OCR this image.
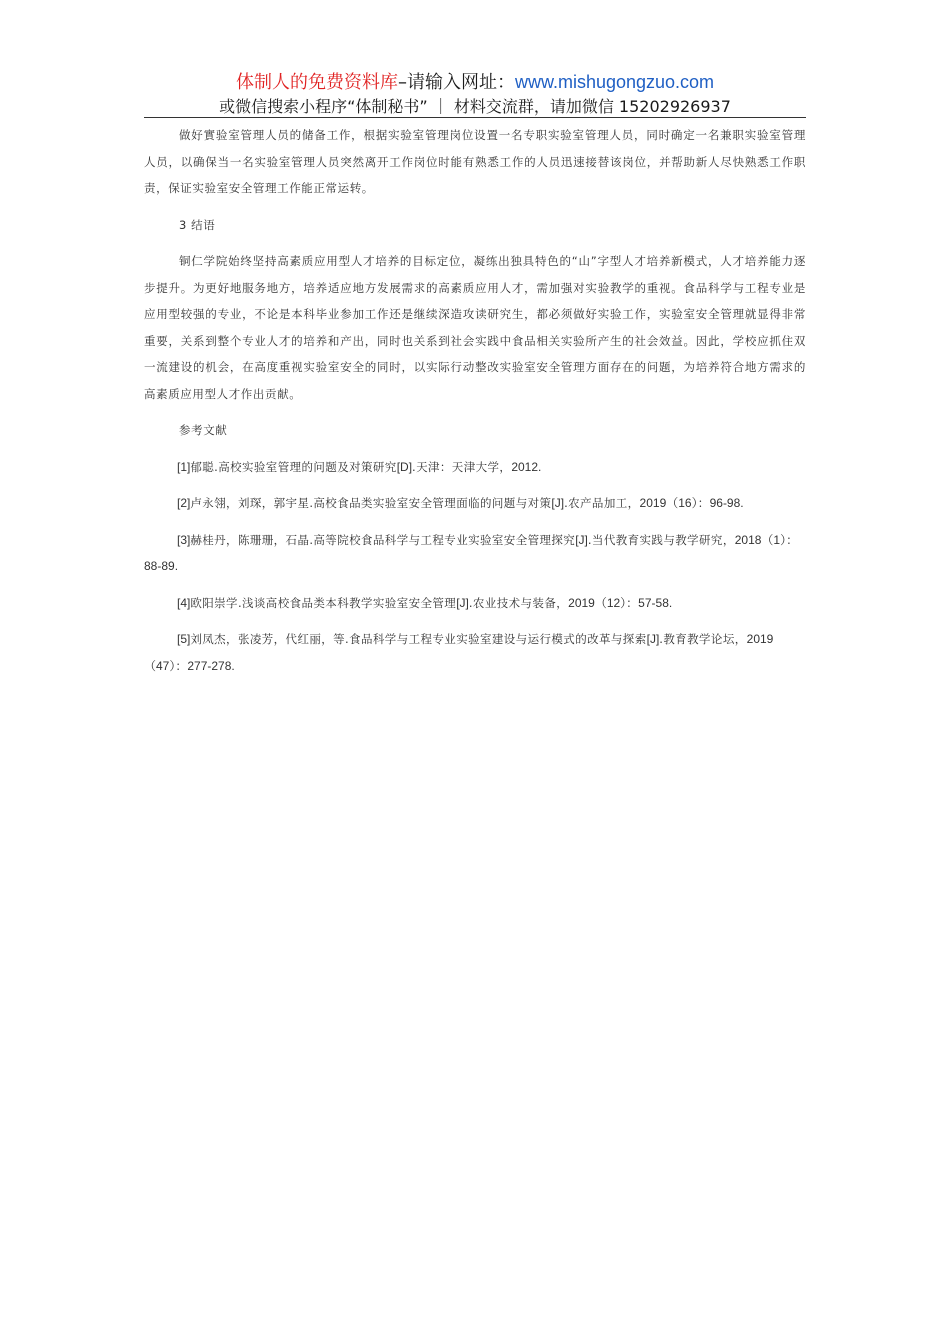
体制人的免费资料库–请输入网址：www.mishugongzuo.com
或微信搜索小程序“体制秘书” ｜ 材料交流群，请加微信 15202926937

做好實验室管理人员的储备工作，根据实验室管理岗位设置一名专职实验室管理人员，同时确定一名兼职实验室管理人员，以确保当一名实验室管理人员突然离开工作岗位时能有熟悉工作的人员迅速接替该岗位，并帮助新人尽快熟悉工作职责，保证实验室安全管理工作能正常运转。

3 结语

铜仁学院始终坚持高素质应用型人才培养的目标定位，凝练出独具特色的“山”字型人才培养新模式，人才培养能力逐步提升。为更好地服务地方，培养适应地方发展需求的高素质应用人才，需加强对实验教学的重视。食品科学与工程专业是应用型较强的专业，不论是本科毕业参加工作还是继续深造攻读研究生，都必须做好实验工作，实验室安全管理就显得非常重要，关系到整个专业人才的培养和产出，同时也关系到社会实践中食品相关实验所产生的社会效益。因此，学校应抓住双一流建设的机会，在高度重视实验室安全的同时，以实际行动整改实验室安全管理方面存在的问题，为培养符合地方需求的高素质应用型人才作出贡献。

参考文献

[1]郁聪.高校实验室管理的问题及对策研究[D].天津：天津大学，2012.

[2]卢永翎，刘琛，郭宇星.高校食品类实验室安全管理面临的问题与对策[J].农产品加工，2019（16）：96-98.

[3]赫桂丹，陈珊珊，石晶.高等院校食品科学与工程专业实验室安全管理探究[J].当代教育实践与教学研究，2018（1）：88-89.

[4]欧阳崇学.浅谈高校食品类本科教学实验室安全管理[J].农业技术与装备，2019（12）：57-58.

[5]刘凤杰，张凌芳，代红丽，等.食品科学与工程专业实验室建设与运行模式的改革与探索[J].教育教学论坛，2019（47）：277-278.
